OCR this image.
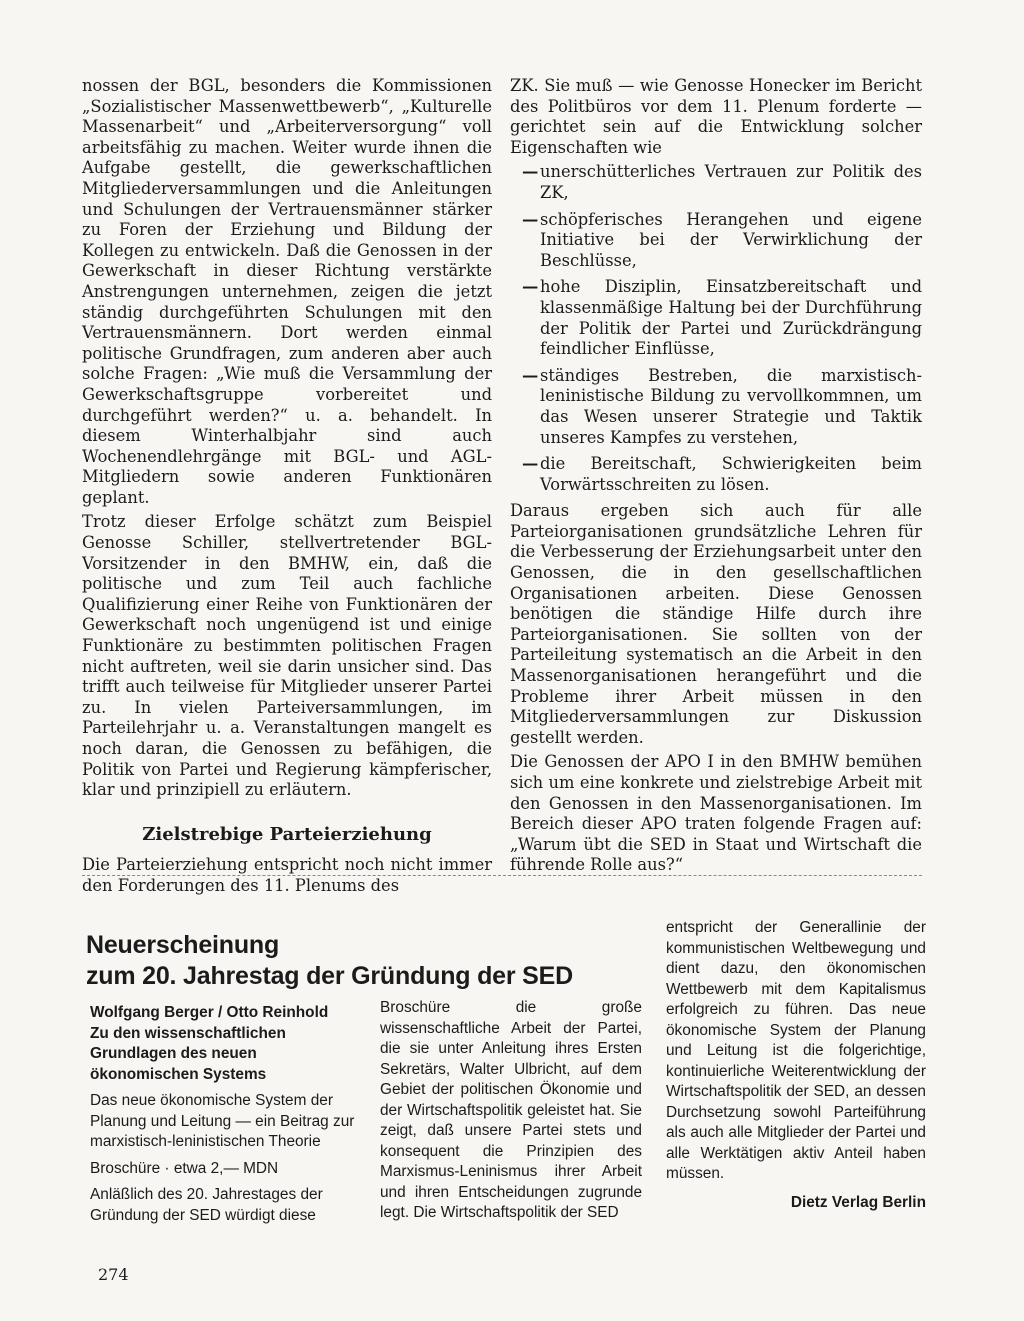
nossen der BGL, besonders die Kommissionen „Sozialistischer Massenwettbewerb“, „Kulturelle Massenarbeit“ und „Arbeiterversorgung“ voll arbeitsfähig zu machen. Weiter wurde ihnen die Aufgabe gestellt, die gewerkschaftlichen Mitgliederversammlungen und die Anleitungen und Schulungen der Vertrauensmänner stärker zu Foren der Erziehung und Bildung der Kollegen zu entwickeln. Daß die Genossen in der Gewerkschaft in dieser Richtung verstärkte Anstrengungen unternehmen, zeigen die jetzt ständig durchgeführten Schulungen mit den Vertrauensmännern. Dort werden einmal politische Grundfragen, zum anderen aber auch solche Fragen: „Wie muß die Versammlung der Gewerkschaftsgruppe vorbereitet und durchgeführt werden?“ u. a. behandelt. In diesem Winterhalbjahr sind auch Wochenendlehrgänge mit BGL- und AGL-Mitgliedern sowie anderen Funktionären geplant.

Trotz dieser Erfolge schätzt zum Beispiel Genosse Schiller, stellvertretender BGL-Vorsitzender in den BMHW, ein, daß die politische und zum Teil auch fachliche Qualifizierung einer Reihe von Funktionären der Gewerkschaft noch ungenügend ist und einige Funktionäre zu bestimmten politischen Fragen nicht auftreten, weil sie darin unsicher sind. Das trifft auch teilweise für Mitglieder unserer Partei zu. In vielen Parteiversammlungen, im Parteilehrjahr u. a. Veranstaltungen mangelt es noch daran, die Genossen zu befähigen, die Politik von Partei und Regierung kämpferischer, klar und prinzipiell zu erläutern.

Zielstrebige Parteierziehung

Die Parteierziehung entspricht noch nicht immer den Forderungen des 11. Plenums des

ZK. Sie muß — wie Genosse Honecker im Bericht des Politbüros vor dem 11. Plenum forderte — gerichtet sein auf die Entwicklung solcher Eigenschaften wie

— unerschütterliches Vertrauen zur Politik des ZK,
— schöpferisches Herangehen und eigene Initiative bei der Verwirklichung der Beschlüsse,
— hohe Disziplin, Einsatzbereitschaft und klassenmäßige Haltung bei der Durchführung der Politik der Partei und Zurückdrängung feindlicher Einflüsse,
— ständiges Bestreben, die marxistisch-leninistische Bildung zu vervollkommnen, um das Wesen unserer Strategie und Taktik unseres Kampfes zu verstehen,
— die Bereitschaft, Schwierigkeiten beim Vorwärtsschreiten zu lösen.

Daraus ergeben sich auch für alle Parteiorganisationen grundsätzliche Lehren für die Verbesserung der Erziehungsarbeit unter den Genossen, die in den gesellschaftlichen Organisationen arbeiten. Diese Genossen benötigen die ständige Hilfe durch ihre Parteiorganisationen. Sie sollten von der Parteileitung systematisch an die Arbeit in den Massenorganisationen herangeführt und die Probleme ihrer Arbeit müssen in den Mitgliederversammlungen zur Diskussion gestellt werden.

Die Genossen der APO I in den BMHW bemühen sich um eine konkrete und zielstrebige Arbeit mit den Genossen in den Massenorganisationen. Im Bereich dieser APO traten folgende Fragen auf: „Warum übt die SED in Staat und Wirtschaft die führende Rolle aus?“

Neuerscheinung
zum 20. Jahrestag der Gründung der SED
Wolfgang Berger / Otto Reinhold
Zu den wissenschaftlichen Grundlagen des neuen ökonomischen Systems
Das neue ökonomische System der Planung und Leitung — ein Beitrag zur marxistisch-leninistischen Theorie
Broschüre · etwa 2,— MDN
Anläßlich des 20. Jahrestages der Gründung der SED würdigt diese
Broschüre die große wissenschaftliche Arbeit der Partei, die sie unter Anleitung ihres Ersten Sekretärs, Walter Ulbricht, auf dem Gebiet der politischen Ökonomie und der Wirtschaftspolitik geleistet hat. Sie zeigt, daß unsere Partei stets und konsequent die Prinzipien des Marxismus-Leninismus ihrer Arbeit und ihren Entscheidungen zugrunde legt. Die Wirtschaftspolitik der SED
entspricht der Generallinie der kommunistischen Weltbewegung und dient dazu, den ökonomischen Wettbewerb mit dem Kapitalismus erfolgreich zu führen. Das neue ökonomische System der Planung und Leitung ist die folgerichtige, kontinuierliche Weiterentwicklung der Wirtschaftspolitik der SED, an dessen Durchsetzung sowohl Parteiführung als auch alle Mitglieder der Partei und alle Werktätigen aktiv Anteil haben müssen.
Dietz Verlag Berlin
274
